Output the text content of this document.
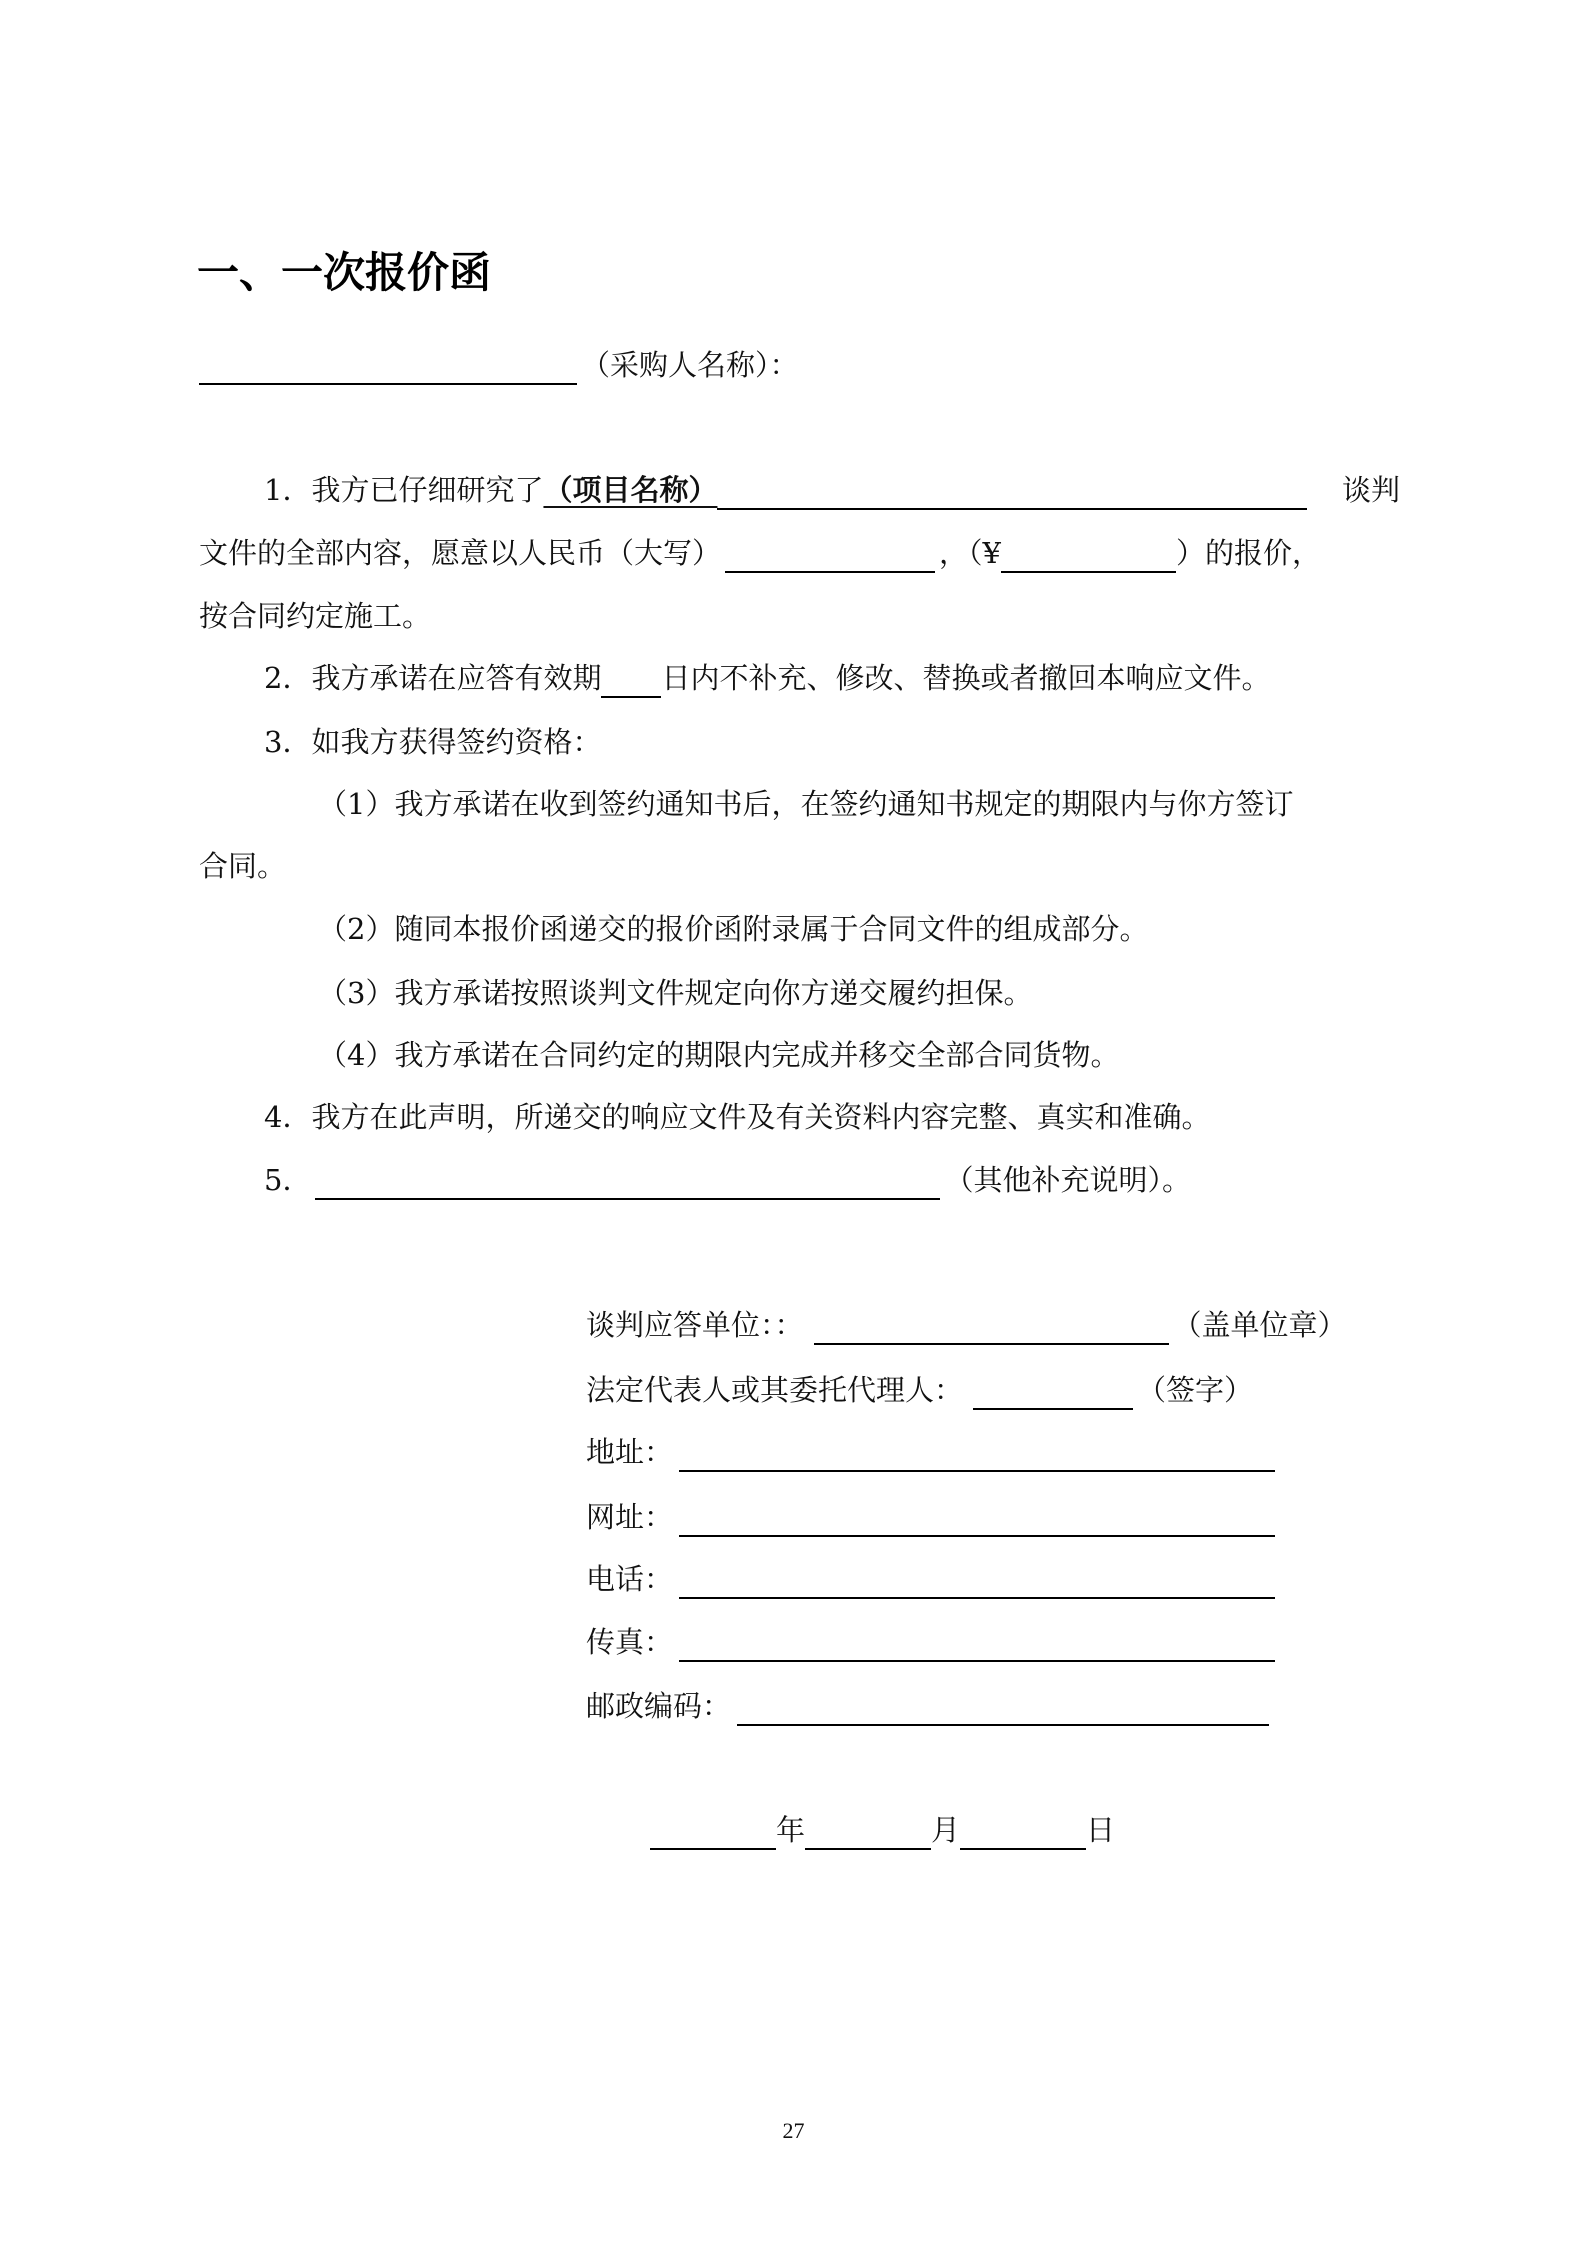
一、一次报价函
（采购人名称）：
1．我方已仔细研究了（项目名称）	谈判
文件的全部内容，愿意以人民币（大写）	，（¥	）的报价，
按合同约定施工。
2．我方承诺在应答有效期 日内不补充、修改、替换或者撤回本响应文件。
3．如我方获得签约资格：
（1）我方承诺在收到签约通知书后，在签约通知书规定的期限内与你方签订
合同。
（2）随同本报价函递交的报价函附录属于合同文件的组成部分。
（3）我方承诺按照谈判文件规定向你方递交履约担保。
（4）我方承诺在合同约定的期限内完成并移交全部合同货物。
4．我方在此声明，所递交的响应文件及有关资料内容完整、真实和准确。
5．	（其他补充说明）。
谈判应答单位：：	（盖单位章）
法定代表人或其委托代理人：	（签字）
地址：
网址：
电话：
传真：
邮政编码：
年	月	日
27
